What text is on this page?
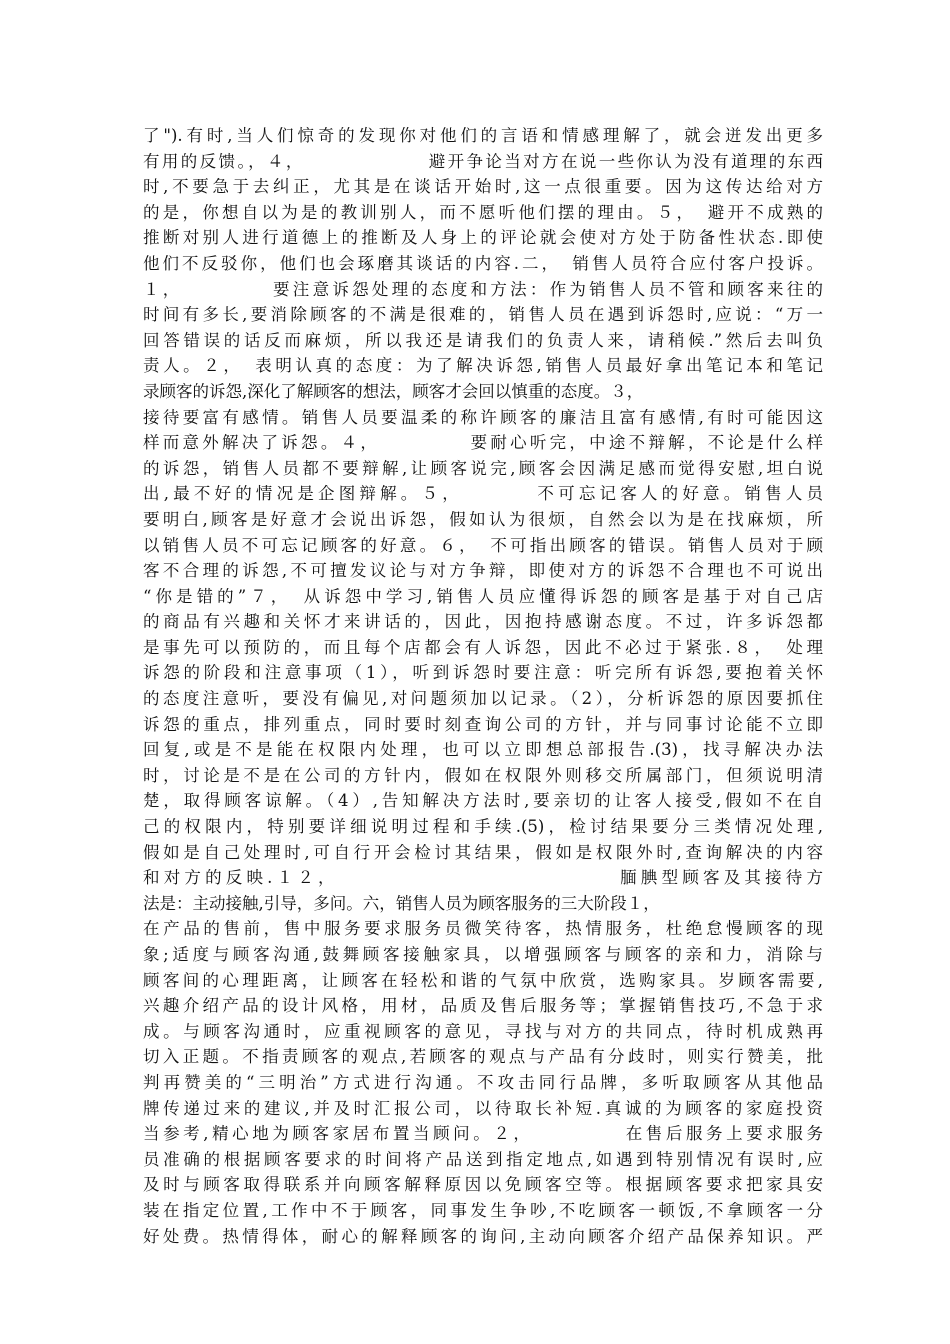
了").有时,当人们惊奇的发现你对他们的言语和情感理解了，就会迸发出更多
有用的反馈。，４，　　　　　　　避开争论当对方在说一些你认为没有道理的东西
时,不要急于去纠正，尤其是在谈话开始时,这一点很重要。因为这传达给对方
的是，你想自以为是的教训别人，而不愿听他们摆的理由。５，　避开不成熟的
推断对别人进行道德上的推断及人身上的评论就会使对方处于防备性状态.即使
他们不反驳你，他们也会琢磨其谈话的内容.二，　销售人员符合应付客户投诉。
１，　　　　　要注意诉怨处理的态度和方法：作为销售人员不管和顾客来往的
时间有多长,要消除顾客的不满是很难的，销售人员在遇到诉怨时,应说：“万一
回答错误的话反而麻烦，所以我还是请我们的负责人来，请稍候.”然后去叫负
责人。２，　表明认真的态度：为了解决诉怨,销售人员最好拿出笔记本和笔记
录顾客的诉怨,深化了解顾客的想法，顾客才会回以慎重的态度。３，
接待要富有感情。销售人员要温柔的称许顾客的廉洁且富有感情,有时可能因这
样而意外解决了诉怨。４，　　　　　要耐心听完，中途不辩解，不论是什么样
的诉怨，销售人员都不要辩解,让顾客说完,顾客会因满足感而觉得安慰,坦白说
出,最不好的情况是企图辩解。５，　　　　不可忘记客人的好意。销售人员
要明白,顾客是好意才会说出诉怨，假如认为很烦，自然会以为是在找麻烦，所
以销售人员不可忘记顾客的好意。６，　不可指出顾客的错误。销售人员对于顾
客不合理的诉怨,不可擅发议论与对方争辩，即使对方的诉怨不合理也不可说出
“你是错的”７，　从诉怨中学习,销售人员应懂得诉怨的顾客是基于对自己店
的商品有兴趣和关怀才来讲话的，因此，因抱持感谢态度。不过，许多诉怨都
是事先可以预防的，而且每个店都会有人诉怨，因此不必过于紧张.８，　处理
诉怨的阶段和注意事项（1），听到诉怨时要注意：听完所有诉怨,要抱着关怀
的态度注意听，要没有偏见,对问题须加以记录。（2），分析诉怨的原因要抓住
诉怨的重点，排列重点，同时要时刻查询公司的方针，并与同事讨论能不立即
回复,或是不是能在权限内处理，也可以立即想总部报告.(3)，找寻解决办法
时，讨论是不是在公司的方针内，假如在权限外则移交所属部门，但须说明清
楚，取得顾客谅解。（4）,告知解决方法时,要亲切的让客人接受,假如不在自
己的权限内，特别要详细说明过程和手续.(5)，检讨结果要分三类情况处理,
假如是自己处理时,可自行开会检讨其结果，假如是权限外时,查询解决的内容
和对方的反映.１２，　　　　　　　　　　　　　　腼腆型顾客及其接待方
法是：主动接触,引导，多问。六，销售人员为顾客服务的三大阶段１，
在产品的售前，售中服务要求服务员微笑待客，热情服务，杜绝怠慢顾客的现
象;适度与顾客沟通,鼓舞顾客接触家具，以增强顾客与顾客的亲和力，消除与
顾客间的心理距离，让顾客在轻松和谐的气氛中欣赏，选购家具。岁顾客需要,
兴趣介绍产品的设计风格，用材，品质及售后服务等；掌握销售技巧,不急于求
成。与顾客沟通时，应重视顾客的意见，寻找与对方的共同点，待时机成熟再
切入正题。不指责顾客的观点,若顾客的观点与产品有分歧时，则实行赞美，批
判再赞美的“三明治”方式进行沟通。不攻击同行品牌，多听取顾客从其他品
牌传递过来的建议,并及时汇报公司，以待取长补短.真诚的为顾客的家庭投资
当参考,精心地为顾客家居布置当顾问。２，　　　　　在售后服务上要求服务
员准确的根据顾客要求的时间将产品送到指定地点,如遇到特别情况有误时,应
及时与顾客取得联系并向顾客解释原因以免顾客空等。根据顾客要求把家具安
装在指定位置,工作中不于顾客，同事发生争吵,不吃顾客一顿饭,不拿顾客一分
好处费。热情得体，耐心的解释顾客的询问,主动向顾客介绍产品保养知识。严
